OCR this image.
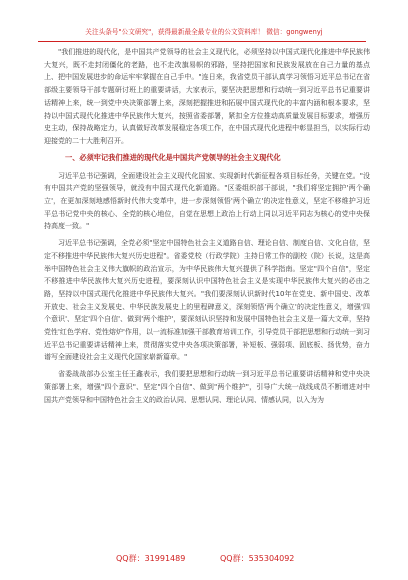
关注头条号"公文研究"，获得最新最全最专业的公文资料库！ 微信：gongwenyj

"我们推进的现代化，是中国共产党领导的社会主义现代化，必须坚持以中国式现代化推进中华民族伟大复兴，既不走封闭僵化的老路，也不走改旗易帜的邪路，坚持把国家和民族发展放在自己力量的基点上、把中国发展进步的命运牢牢掌握在自己手中。"连日来，我省党员干部认真学习领悟习近平总书记在省部级主要领导干部专题研讨班上的重要讲话，大家表示，要坚决把思想和行动统一到习近平总书记重要讲话精神上来，统一到党中央决策部署上来，深刻把握推进和拓展中国式现代化的丰富内涵和根本要求，坚持以中国式现代化推进中华民族伟大复兴，按照省委部署，紧扣全方位推动高质量发展目标要求，增强历史主动，保持战略定力，认真做好改革发展稳定各项工作，在中国式现代化进程中彰显担当，以实际行动迎接党的二十大胜利召开。

一、必须牢记我们推进的现代化是中国共产党领导的社会主义现代化

习近平总书记强调，全面建设社会主义现代化国家、实现新时代新征程各项目标任务，关键在党。"没有中国共产党的坚强领导，就没有中国式现代化新道路。"区委组织部干部说，"我们将坚定拥护'两个确立'，在更加深刻地感悟新时代伟大变革中，进一步深刻领悟'两个确立'的决定性意义，坚定不移维护习近平总书记党中央的核心、全党的核心地位，自觉在思想上政治上行动上同以习近平同志为核心的党中央保持高度一致。"

习近平总书记强调，全党必须"坚定中国特色社会主义道路自信、理论自信、制度自信、文化自信，坚定不移推进中华民族伟大复兴历史进程"。省委党校（行政学院）主持日常工作的副校（院）长说，这是高举中国特色社会主义伟大旗帜的政治宣示，为中华民族伟大复兴提供了科学指南。坚定"四个自信"，坚定不移推进中华民族伟大复兴历史进程，要深刻认识中国特色社会主义是实现中华民族伟大复兴的必由之路，坚持以中国式现代化推进中华民族伟大复兴。"我们要深刻认识新时代10年在党史、新中国史、改革开放史、社会主义发展史、中华民族发展史上的里程碑意义，深刻领悟'两个确立'的决定性意义，增强'四个意识'、坚定'四个自信'、做到'两个维护'，要深刻认识坚持和发展中国特色社会主义是一篇大文章，坚持党性'红色学府、党性熔炉'作用，以一流标准加强干部教育培训工作，引导党员干部把思想和行动统一到习近平总书记重要讲话精神上来，贯彻落实党中央各项决策部署，补短板、强弱项、固底板、扬优势，奋力谱写全面建设社会主义现代化国家崭新篇章。"

省委战战部办公室主任王鑫表示，我们要把思想和行动统一到习近平总书记重要讲话精神和党中央决策部署上来，增强"四个意识"、坚定"四个自信"、做到"两个维护"，引导广大统一战线成员不断增进对中国共产党领导和中国特色社会主义的政治认同、思想认同、理论认同、情感认同，以入为为

QQ群：31991489	QQ群：535304092
